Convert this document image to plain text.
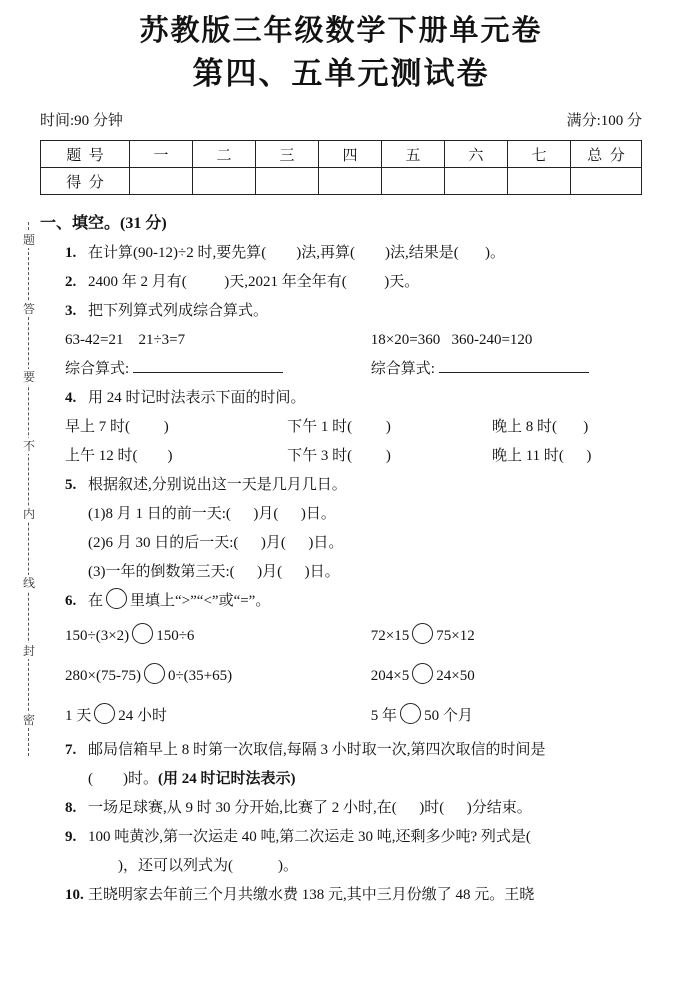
题
答
要
不
内
线
封
密
苏教版三年级数学下册单元卷
第四、五单元测试卷
时间:90 分钟	满分:100 分
题  号	一	二	三	四	五	六	七	总  分
得  分								
一、填空。(31 分)
1. 在计算(90-12)÷2 时,要先算(        )法,再算(        )法,结果是(       )。
2. 2400 年 2 月有(          )天,2021 年全年有(          )天。
3. 把下列算式列成综合算式。
63-42=21    21÷3=7	18×20=360   360-240=120
综合算式:	综合算式:
4. 用 24 时记时法表示下面的时间。
早上 7 时(         )	下午 1 时(         )	晚上 8 时(       )
上午 12 时(        )	下午 3 时(         )	晚上 11 时(      )
5. 根据叙述,分别说出这一天是几月几日。
(1)8 月 1 日的前一天:(      )月(      )日。
(2)6 月 30 日的后一天:(      )月(      )日。
(3)一年的倒数第三天:(      )月(      )日。
6. 在 里填上“>”“<”或“=”。
150÷(3×2) 150÷6	72×15 75×12
280×(75-75) 0÷(35+65)	204×5 24×50
1 天 24 小时	5 年 50 个月
7. 邮局信箱早上 8 时第一次取信,每隔 3 小时取一次,第四次取信的时间是
(        )时。(用 24 时记时法表示)
8. 一场足球赛,从 9 时 30 分开始,比赛了 2 小时,在(      )时(      )分结束。
9. 100 吨黄沙,第一次运走 40 吨,第二次运走 30 吨,还剩多少吨? 列式是(
)，还可以列式为(            )。
10. 王晓明家去年前三个月共缴水费 138 元,其中三月份缴了 48 元。王晓
